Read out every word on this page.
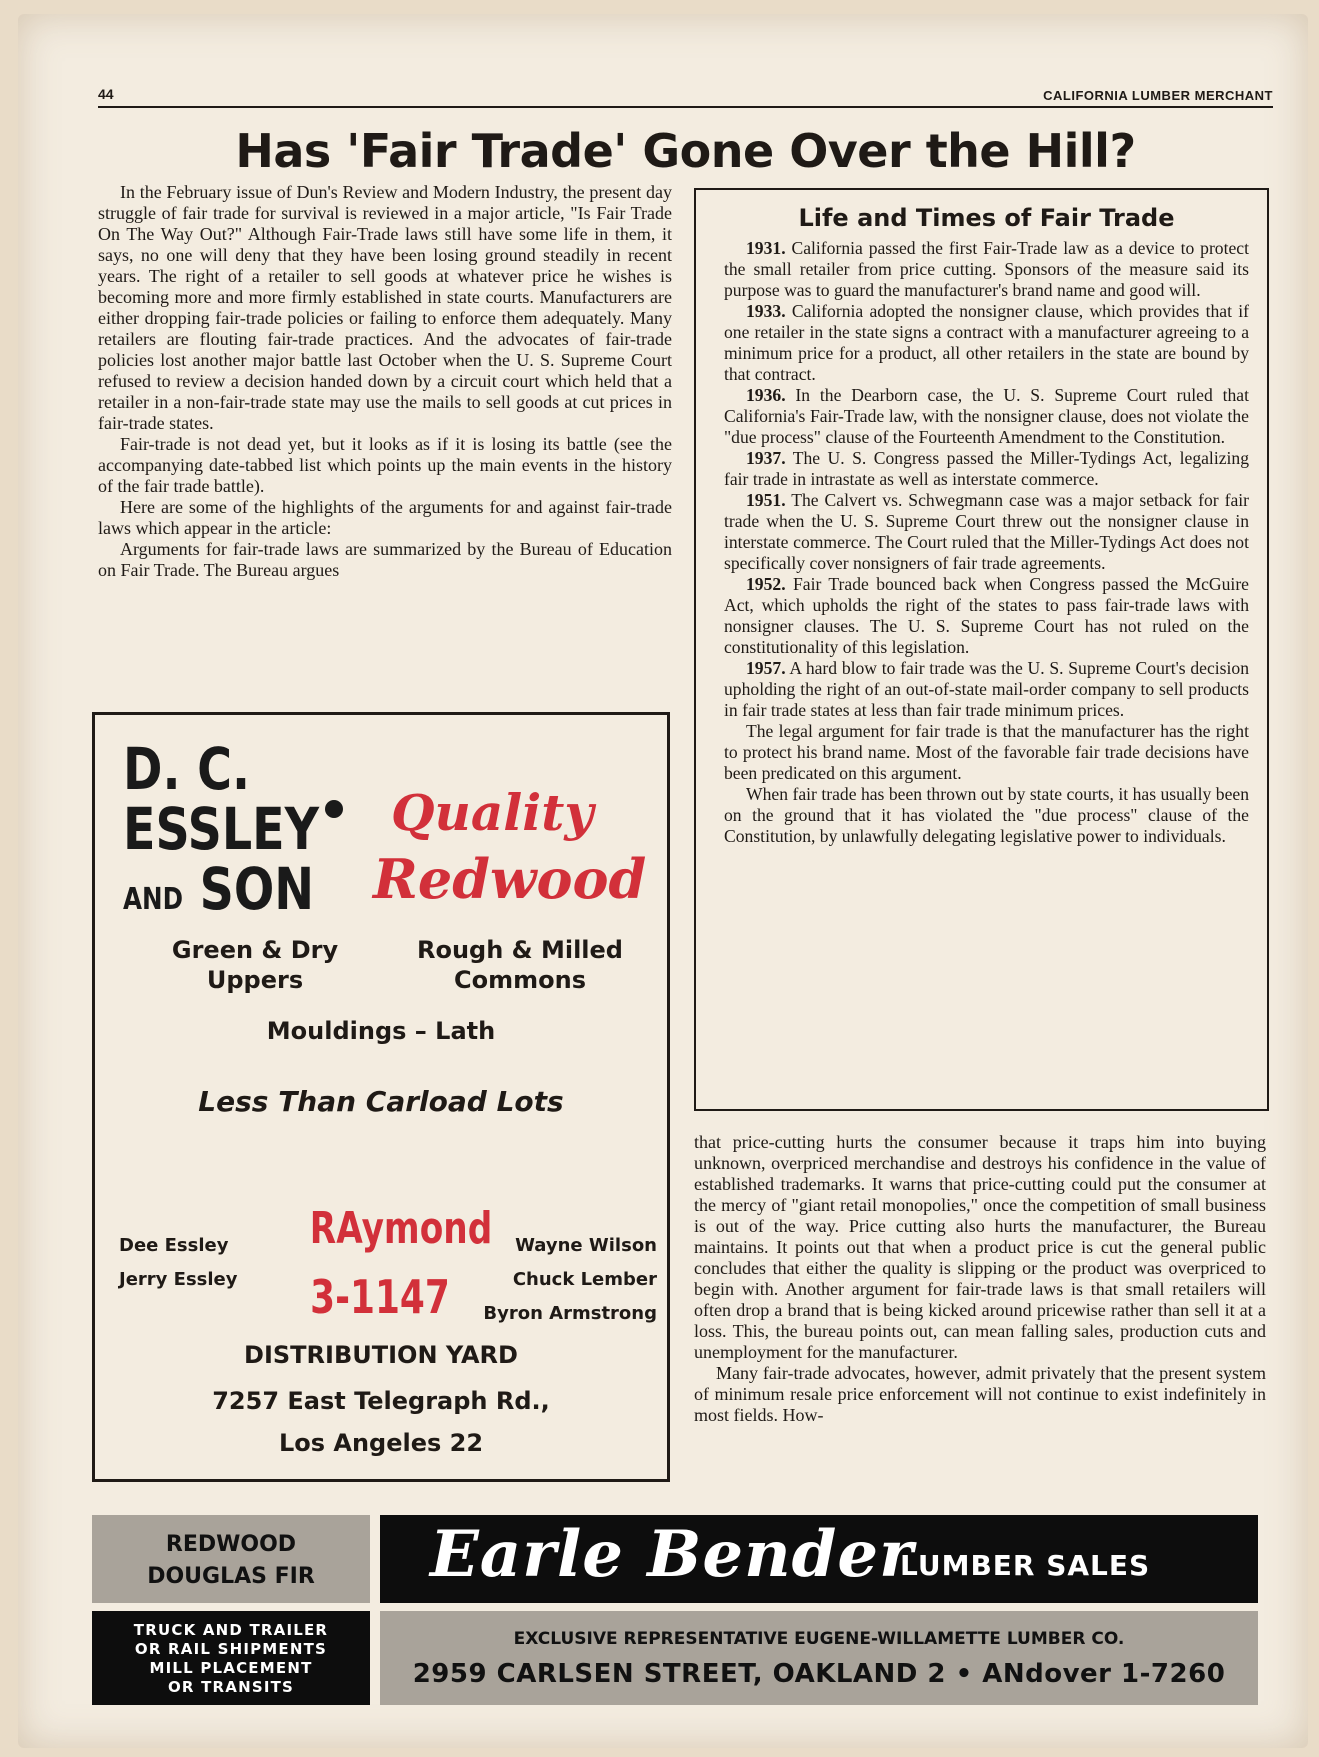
44	CALIFORNIA LUMBER MERCHANT
Has 'Fair Trade' Gone Over the Hill?

In the February issue of Dun's Review and Modern Industry, the present day struggle of fair trade for survival is reviewed in a major article, "Is Fair Trade On The Way Out?" Although Fair-Trade laws still have some life in them, it says, no one will deny that they have been losing ground steadily in recent years. The right of a retailer to sell goods at whatever price he wishes is becoming more and more firmly established in state courts. Manufacturers are either dropping fair-trade policies or failing to enforce them adequately. Many retailers are flouting fair-trade practices. And the advocates of fair-trade policies lost another major battle last October when the U. S. Supreme Court refused to review a decision handed down by a circuit court which held that a retailer in a non-fair-trade state may use the mails to sell goods at cut prices in fair-trade states.

Fair-trade is not dead yet, but it looks as if it is losing its battle (see the accompanying date-tabbed list which points up the main events in the history of the fair trade battle).

Here are some of the highlights of the arguments for and against fair-trade laws which appear in the article:

Arguments for fair-trade laws are summarized by the Bureau of Education on Fair Trade. The Bureau argues

Life and Times of Fair Trade

1931. California passed the first Fair-Trade law as a device to protect the small retailer from price cutting. Sponsors of the measure said its purpose was to guard the manufacturer's brand name and good will.

1933. California adopted the nonsigner clause, which provides that if one retailer in the state signs a contract with a manufacturer agreeing to a minimum price for a product, all other retailers in the state are bound by that contract.

1936. In the Dearborn case, the U. S. Supreme Court ruled that California's Fair-Trade law, with the nonsigner clause, does not violate the "due process" clause of the Fourteenth Amendment to the Constitution.

1937. The U. S. Congress passed the Miller-Tydings Act, legalizing fair trade in intrastate as well as interstate commerce.

1951. The Calvert vs. Schwegmann case was a major setback for fair trade when the U. S. Supreme Court threw out the nonsigner clause in interstate commerce. The Court ruled that the Miller-Tydings Act does not specifically cover nonsigners of fair trade agreements.

1952. Fair Trade bounced back when Congress passed the McGuire Act, which upholds the right of the states to pass fair-trade laws with nonsigner clauses. The U. S. Supreme Court has not ruled on the constitutionality of this legislation.

1957. A hard blow to fair trade was the U. S. Supreme Court's decision upholding the right of an out-of-state mail-order company to sell products in fair trade states at less than fair trade minimum prices.

The legal argument for fair trade is that the manufacturer has the right to protect his brand name. Most of the favorable fair trade decisions have been predicated on this argument.

When fair trade has been thrown out by state courts, it has usually been on the ground that it has violated the "due process" clause of the Constitution, by unlawfully delegating legislative power to individuals.

that price-cutting hurts the consumer because it traps him into buying unknown, overpriced merchandise and destroys his confidence in the value of established trademarks. It warns that price-cutting could put the consumer at the mercy of "giant retail monopolies," once the competition of small business is out of the way. Price cutting also hurts the manufacturer, the Bureau maintains. It points out that when a product price is cut the general public concludes that either the quality is slipping or the product was overpriced to begin with. Another argument for fair-trade laws is that small retailers will often drop a brand that is being kicked around pricewise rather than sell it at a loss. This, the bureau points out, can mean falling sales, production cuts and unemployment for the manufacturer.

Many fair-trade advocates, however, admit privately that the present system of minimum resale price enforcement will not continue to exist indefinitely in most fields. How-

D. C.
ESSLEY
AND SON
Quality
Redwood
Green & Dry
Uppers
Rough & Milled
Commons
Mouldings – Lath
Less Than Carload Lots
Dee Essley
Jerry Essley
RAymond
3-1147
Wayne Wilson
Chuck Lember
Byron Armstrong
DISTRIBUTION YARD
7257 East Telegraph Rd.,
Los Angeles 22
REDWOOD
DOUGLAS FIR	Earle Bender
LUMBER SALES
TRUCK AND TRAILER
OR RAIL SHIPMENTS
MILL PLACEMENT
OR TRANSITS
EXCLUSIVE REPRESENTATIVE EUGENE-WILLAMETTE LUMBER CO.
2959 CARLSEN STREET, OAKLAND 2 • ANdover 1-7260
